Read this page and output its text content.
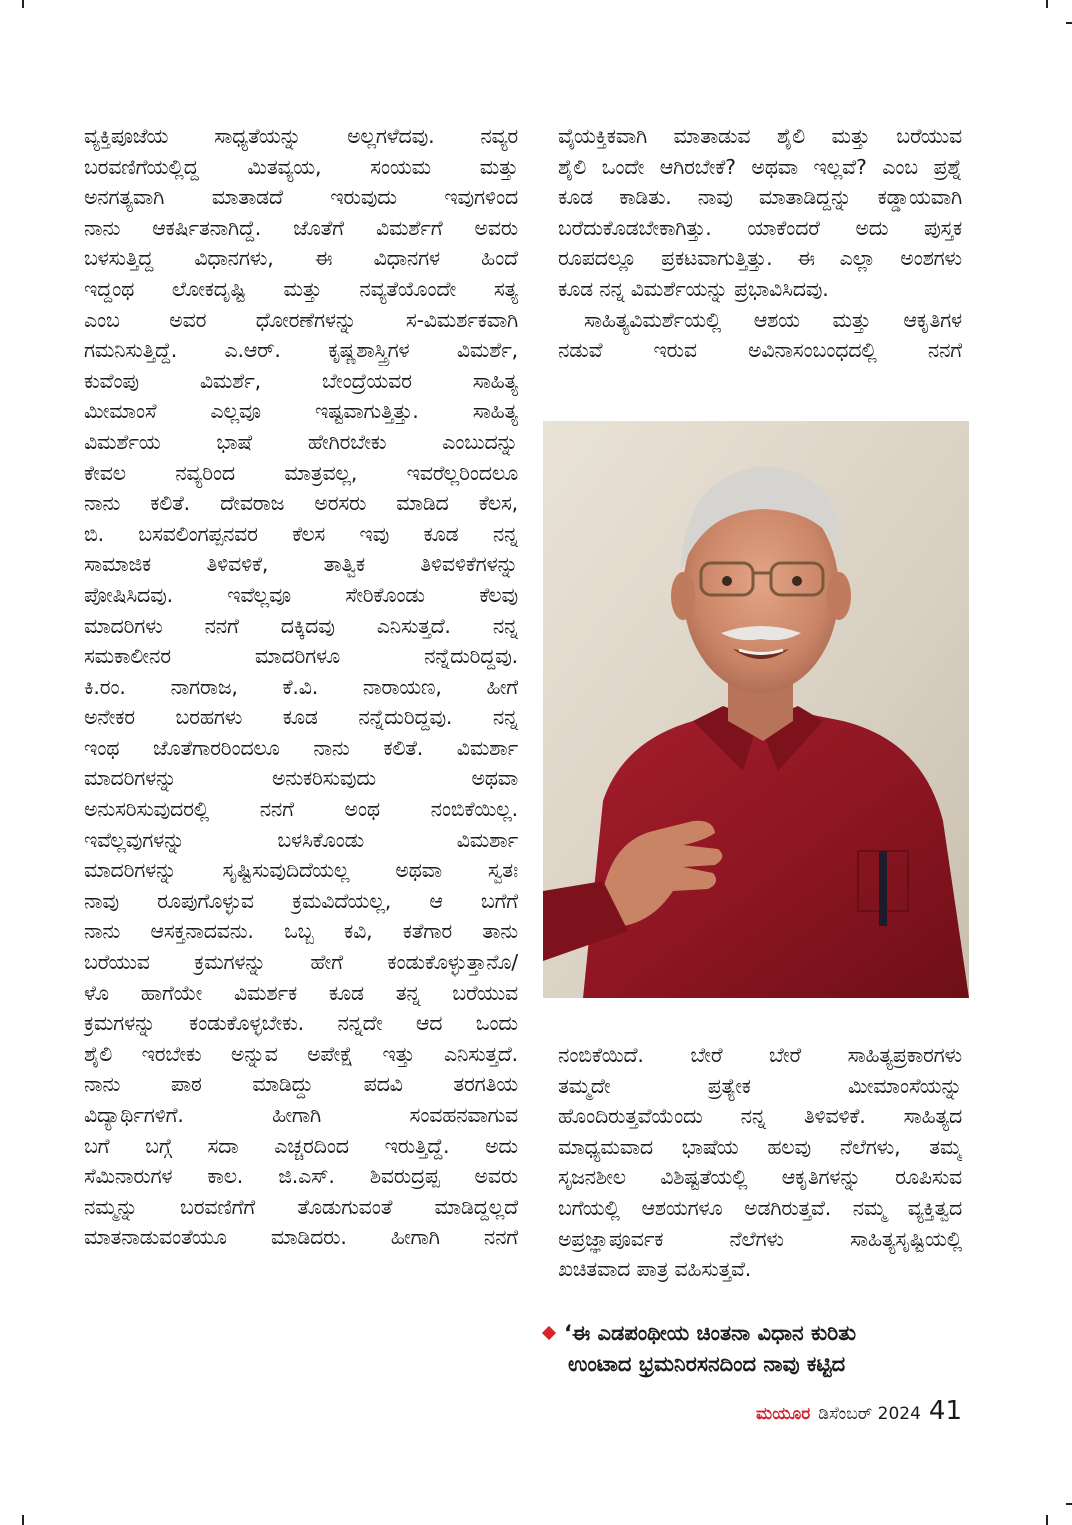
ವ್ಯಕ್ತಿಪೂಜೆಯ ಸಾಧ್ಯತೆಯನ್ನು ಅಲ್ಲಗಳೆದವು. ನವ್ಯರ
ಬರವಣಿಗೆಯಲ್ಲಿದ್ದ ಮಿತವ್ಯಯ, ಸಂಯಮ ಮತ್ತು
ಅನಗತ್ಯವಾಗಿ ಮಾತಾಡದೆ ಇರುವುದು ಇವುಗಳಿಂದ
ನಾನು ಆಕರ್ಷಿತನಾಗಿದ್ದೆ. ಜೊತೆಗೆ ವಿಮರ್ಶೆಗೆ ಅವರು
ಬಳಸುತ್ತಿದ್ದ ವಿಧಾನಗಳು, ಈ ವಿಧಾನಗಳ ಹಿಂದೆ
ಇದ್ದಂಥ ಲೋಕದೃಷ್ಟಿ ಮತ್ತು ನವ್ಯತೆಯೊಂದೇ ಸತ್ಯ
ಎಂಬ ಅವರ ಧೋರಣೆಗಳನ್ನು ಸ-ವಿಮರ್ಶಕವಾಗಿ
ಗಮನಿಸುತ್ತಿದ್ದೆ. ಎ.ಆರ್. ಕೃಷ್ಣಶಾಸ್ತ್ರಿಗಳ ವಿಮರ್ಶೆ,
ಕುವೆಂಪು ವಿಮರ್ಶೆ, ಬೇಂದ್ರೆಯವರ ಸಾಹಿತ್ಯ
ಮೀಮಾಂಸೆ ಎಲ್ಲವೂ ಇಷ್ಟವಾಗುತ್ತಿತ್ತು. ಸಾಹಿತ್ಯ
ವಿಮರ್ಶೆಯ ಭಾಷೆ ಹೇಗಿರಬೇಕು ಎಂಬುದನ್ನು
ಕೇವಲ ನವ್ಯರಿಂದ ಮಾತ್ರವಲ್ಲ, ಇವರೆಲ್ಲರಿಂದಲೂ
ನಾನು ಕಲಿತೆ. ದೇವರಾಜ ಅರಸರು ಮಾಡಿದ ಕೆಲಸ,
ಬಿ. ಬಸವಲಿಂಗಪ್ಪನವರ ಕೆಲಸ ಇವು ಕೂಡ ನನ್ನ
ಸಾಮಾಜಿಕ ತಿಳಿವಳಿಕೆ, ತಾತ್ವಿಕ ತಿಳಿವಳಿಕೆಗಳನ್ನು
ಪೋಷಿಸಿದವು. ಇವೆಲ್ಲವೂ ಸೇರಿಕೊಂಡು ಕೆಲವು
ಮಾದರಿಗಳು ನನಗೆ ದಕ್ಕಿದವು ಎನಿಸುತ್ತದೆ. ನನ್ನ
ಸಮಕಾಲೀನರ ಮಾದರಿಗಳೂ ನನ್ನೆದುರಿದ್ದವು.
ಕಿ.ರಂ. ನಾಗರಾಜ, ಕೆ.ವಿ. ನಾರಾಯಣ, ಹೀಗೆ
ಅನೇಕರ ಬರಹಗಳು ಕೂಡ ನನ್ನೆದುರಿದ್ದವು. ನನ್ನ
ಇಂಥ ಜೊತೆಗಾರರಿಂದಲೂ ನಾನು ಕಲಿತೆ. ವಿಮರ್ಶಾ
ಮಾದರಿಗಳನ್ನು ಅನುಕರಿಸುವುದು ಅಥವಾ
ಅನುಸರಿಸುವುದರಲ್ಲಿ ನನಗೆ ಅಂಥ ನಂಬಿಕೆಯಿಲ್ಲ.
ಇವೆಲ್ಲವುಗಳನ್ನು ಬಳಸಿಕೊಂಡು ವಿಮರ್ಶಾ
ಮಾದರಿಗಳನ್ನು ಸೃಷ್ಟಿಸುವುದಿದೆಯಲ್ಲ ಅಥವಾ ಸ್ವತಃ
ನಾವು ರೂಪುಗೊಳ್ಳುವ ಕ್ರಮವಿದೆಯಲ್ಲ, ಆ ಬಗೆಗೆ
ನಾನು ಆಸಕ್ತನಾದವನು. ಒಬ್ಬ ಕವಿ, ಕತೆಗಾರ ತಾನು
ಬರೆಯುವ ಕ್ರಮಗಳನ್ನು ಹೇಗೆ ಕಂಡುಕೊಳ್ಳುತ್ತಾನೊ/
ಳೊ ಹಾಗೆಯೇ ವಿಮರ್ಶಕ ಕೂಡ ತನ್ನ ಬರೆಯುವ
ಕ್ರಮಗಳನ್ನು ಕಂಡುಕೊಳ್ಳಬೇಕು. ನನ್ನದೇ ಆದ ಒಂದು
ಶೈಲಿ ಇರಬೇಕು ಅನ್ನುವ ಅಪೇಕ್ಷೆ ಇತ್ತು ಎನಿಸುತ್ತದೆ.
ನಾನು ಪಾಠ ಮಾಡಿದ್ದು ಪದವಿ ತರಗತಿಯ
ವಿದ್ಯಾರ್ಥಿಗಳಿಗೆ. ಹೀಗಾಗಿ ಸಂವಹನವಾಗುವ
ಬಗೆ ಬಗ್ಗೆ ಸದಾ ಎಚ್ಚರದಿಂದ ಇರುತ್ತಿದ್ದೆ. ಅದು
ಸೆಮಿನಾರುಗಳ ಕಾಲ. ಜಿ.ಎಸ್. ಶಿವರುದ್ರಪ್ಪ ಅವರು
ನಮ್ಮನ್ನು ಬರವಣಿಗೆಗೆ ತೊಡುಗುವಂತೆ ಮಾಡಿದ್ದಲ್ಲದೆ
ಮಾತನಾಡುವಂತೆಯೂ ಮಾಡಿದರು. ಹೀಗಾಗಿ ನನಗೆ
ವೈಯಕ್ತಿಕವಾಗಿ ಮಾತಾಡುವ ಶೈಲಿ ಮತ್ತು ಬರೆಯುವ
ಶೈಲಿ ಒಂದೇ ಆಗಿರಬೇಕೆ? ಅಥವಾ ಇಲ್ಲವೆ? ಎಂಬ ಪ್ರಶ್ನೆ
ಕೂಡ ಕಾಡಿತು. ನಾವು ಮಾತಾಡಿದ್ದನ್ನು ಕಡ್ಡಾಯವಾಗಿ
ಬರೆದುಕೊಡಬೇಕಾಗಿತ್ತು. ಯಾಕೆಂದರೆ ಅದು ಪುಸ್ತಕ
ರೂಪದಲ್ಲೂ ಪ್ರಕಟವಾಗುತ್ತಿತ್ತು. ಈ ಎಲ್ಲಾ ಅಂಶಗಳು
ಕೂಡ ನನ್ನ ವಿಮರ್ಶೆಯನ್ನು ಪ್ರಭಾವಿಸಿದವು.
ಸಾಹಿತ್ಯವಿಮರ್ಶೆಯಲ್ಲಿ ಆಶಯ ಮತ್ತು ಆಕೃತಿಗಳ
ನಡುವೆ ಇರುವ ಅವಿನಾಸಂಬಂಧದಲ್ಲಿ ನನಗೆ
ನಂಬಿಕೆಯಿದೆ. ಬೇರೆ ಬೇರೆ ಸಾಹಿತ್ಯಪ್ರಕಾರಗಳು
ತಮ್ಮದೇ ಪ್ರತ್ಯೇಕ ಮೀಮಾಂಸೆಯನ್ನು
ಹೊಂದಿರುತ್ತವೆಯೆಂದು ನನ್ನ ತಿಳಿವಳಿಕೆ. ಸಾಹಿತ್ಯದ
ಮಾಧ್ಯಮವಾದ ಭಾಷೆಯ ಹಲವು ನೆಲೆಗಳು, ತಮ್ಮ
ಸೃಜನಶೀಲ ವಿಶಿಷ್ಟತೆಯಲ್ಲಿ ಆಕೃತಿಗಳನ್ನು ರೂಪಿಸುವ
ಬಗೆಯಲ್ಲಿ ಆಶಯಗಳೂ ಅಡಗಿರುತ್ತವೆ. ನಮ್ಮ ವ್ಯಕ್ತಿತ್ವದ
ಅಪ್ರಜ್ಞಾಪೂರ್ವಕ ನೆಲೆಗಳು ಸಾಹಿತ್ಯಸೃಷ್ಟಿಯಲ್ಲಿ
ಖಚಿತವಾದ ಪಾತ್ರ ವಹಿಸುತ್ತವೆ.
‘ಈ ಎಡಪಂಥೀಯ ಚಿಂತನಾ ವಿಧಾನ ಕುರಿತು
ಉಂಟಾದ ಭ್ರಮನಿರಸನದಿಂದ ನಾವು ಕಟ್ಟಿದ
ಮಯೂರ ಡಿಸೆಂಬರ್ 2024 41
